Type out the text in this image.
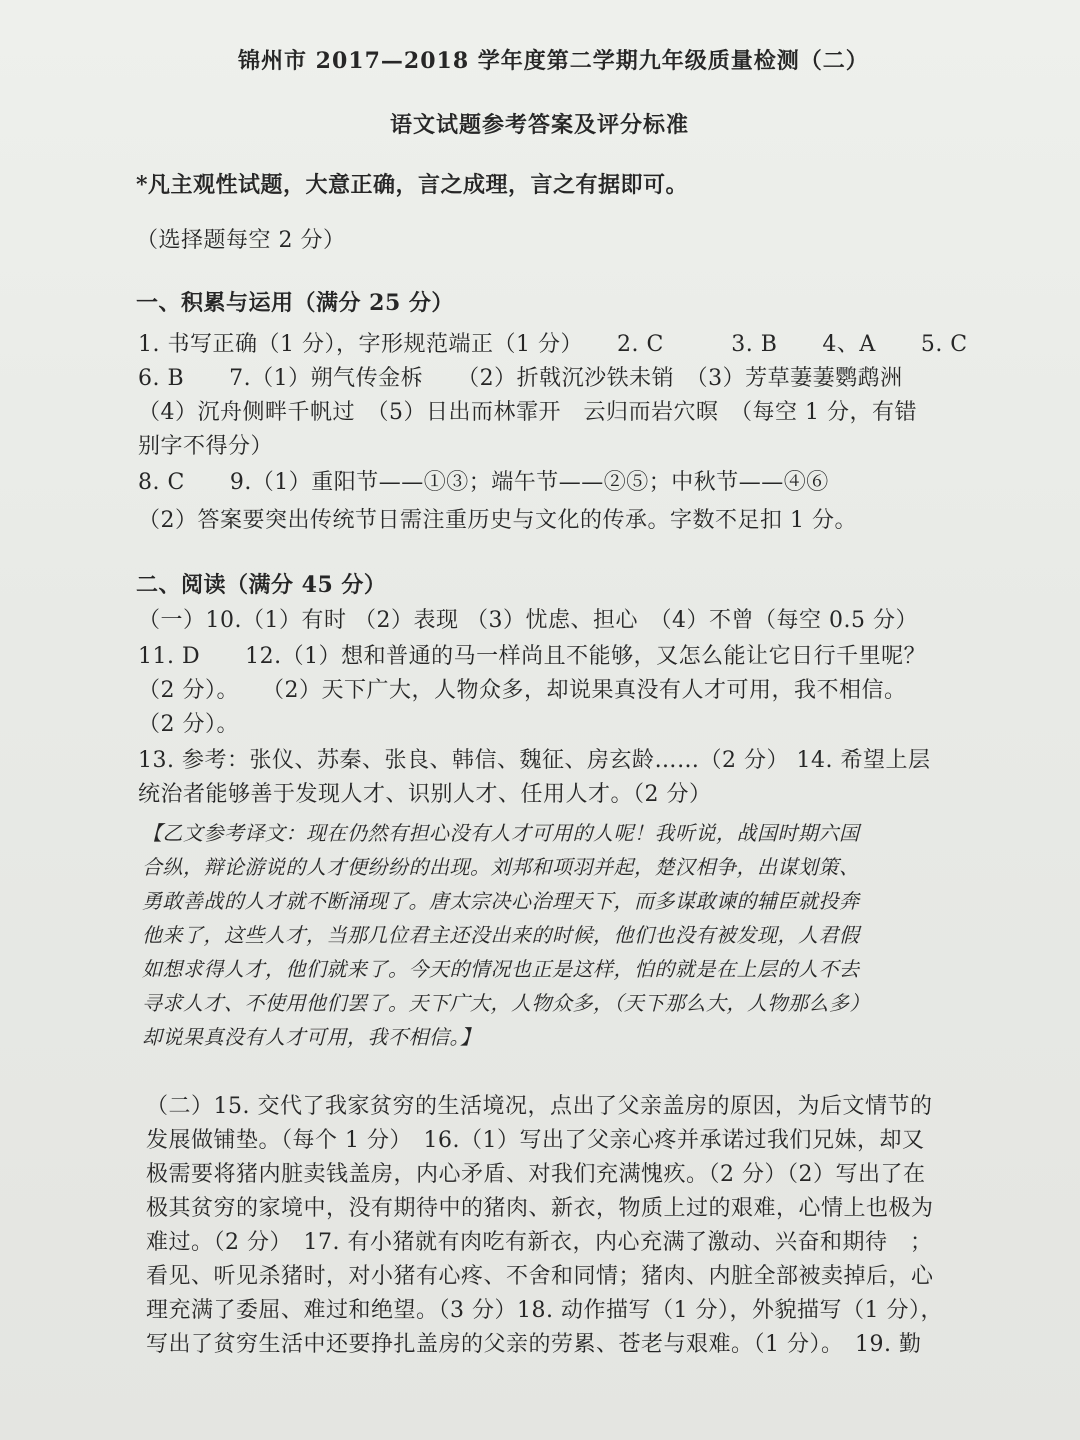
锦州市 2017—2018 学年度第二学期九年级质量检测（二）
语文试题参考答案及评分标准
*凡主观性试题，大意正确，言之成理，言之有据即可。
（选择题每空 2 分）
一、积累与运用（满分 25 分）
1. 书写正确（1 分），字形规范端正（1 分）　　2. C　　　3. B　　4、A　　5. C
6. B　　7.（1）朔气传金柝　　（2）折戟沉沙铁未销　（3）芳草萋萋鹦鹉洲
（4）沉舟侧畔千帆过　（5）日出而林霏开　云归而岩穴暝　（每空 1 分，有错
别字不得分）
8. C　　9.（1）重阳节——①③；端午节——②⑤；中秋节——④⑥
（2）答案要突出传统节日需注重历史与文化的传承。字数不足扣 1 分。
二、阅读（满分 45 分）
（一）10.（1）有时 （2）表现 （3）忧虑、担心　（4）不曾（每空 0.5 分）
11. D　　12.（1）想和普通的马一样尚且不能够，又怎么能让它日行千里呢？
（2 分）。　　（2）天下广大，人物众多，却说果真没有人才可用，我不相信。
（2 分）。
13. 参考：张仪、苏秦、张良、韩信、魏征、房玄龄……（2 分） 14. 希望上层
统治者能够善于发现人才、识别人才、任用人才。（2 分）
【乙文参考译文：现在仍然有担心没有人才可用的人呢！我听说，战国时期六国
合纵，辩论游说的人才便纷纷的出现。刘邦和项羽并起，楚汉相争，出谋划策、
勇敢善战的人才就不断涌现了。唐太宗决心治理天下，而多谋敢谏的辅臣就投奔
他来了，这些人才，当那几位君主还没出来的时候，他们也没有被发现，人君假
如想求得人才，他们就来了。今天的情况也正是这样，怕的就是在上层的人不去
寻求人才、不使用他们罢了。天下广大，人物众多，（天下那么大，人物那么多）
却说果真没有人才可用，我不相信。】
（二）15. 交代了我家贫穷的生活境况，点出了父亲盖房的原因，为后文情节的
发展做铺垫。（每个 1 分）　16.（1）写出了父亲心疼并承诺过我们兄妹，却又
极需要将猪内脏卖钱盖房，内心矛盾、对我们充满愧疚。（2 分）（2）写出了在
极其贫穷的家境中，没有期待中的猪肉、新衣，物质上过的艰难，心情上也极为
难过。（2 分）　17. 有小猪就有肉吃有新衣，内心充满了激动、兴奋和期待　；
看见、听见杀猪时，对小猪有心疼、不舍和同情；猪肉、内脏全部被卖掉后，心
理充满了委屈、难过和绝望。（3 分）18. 动作描写（1 分），外貌描写（1 分），
写出了贫穷生活中还要挣扎盖房的父亲的劳累、苍老与艰难。（1 分）。　19. 勤
